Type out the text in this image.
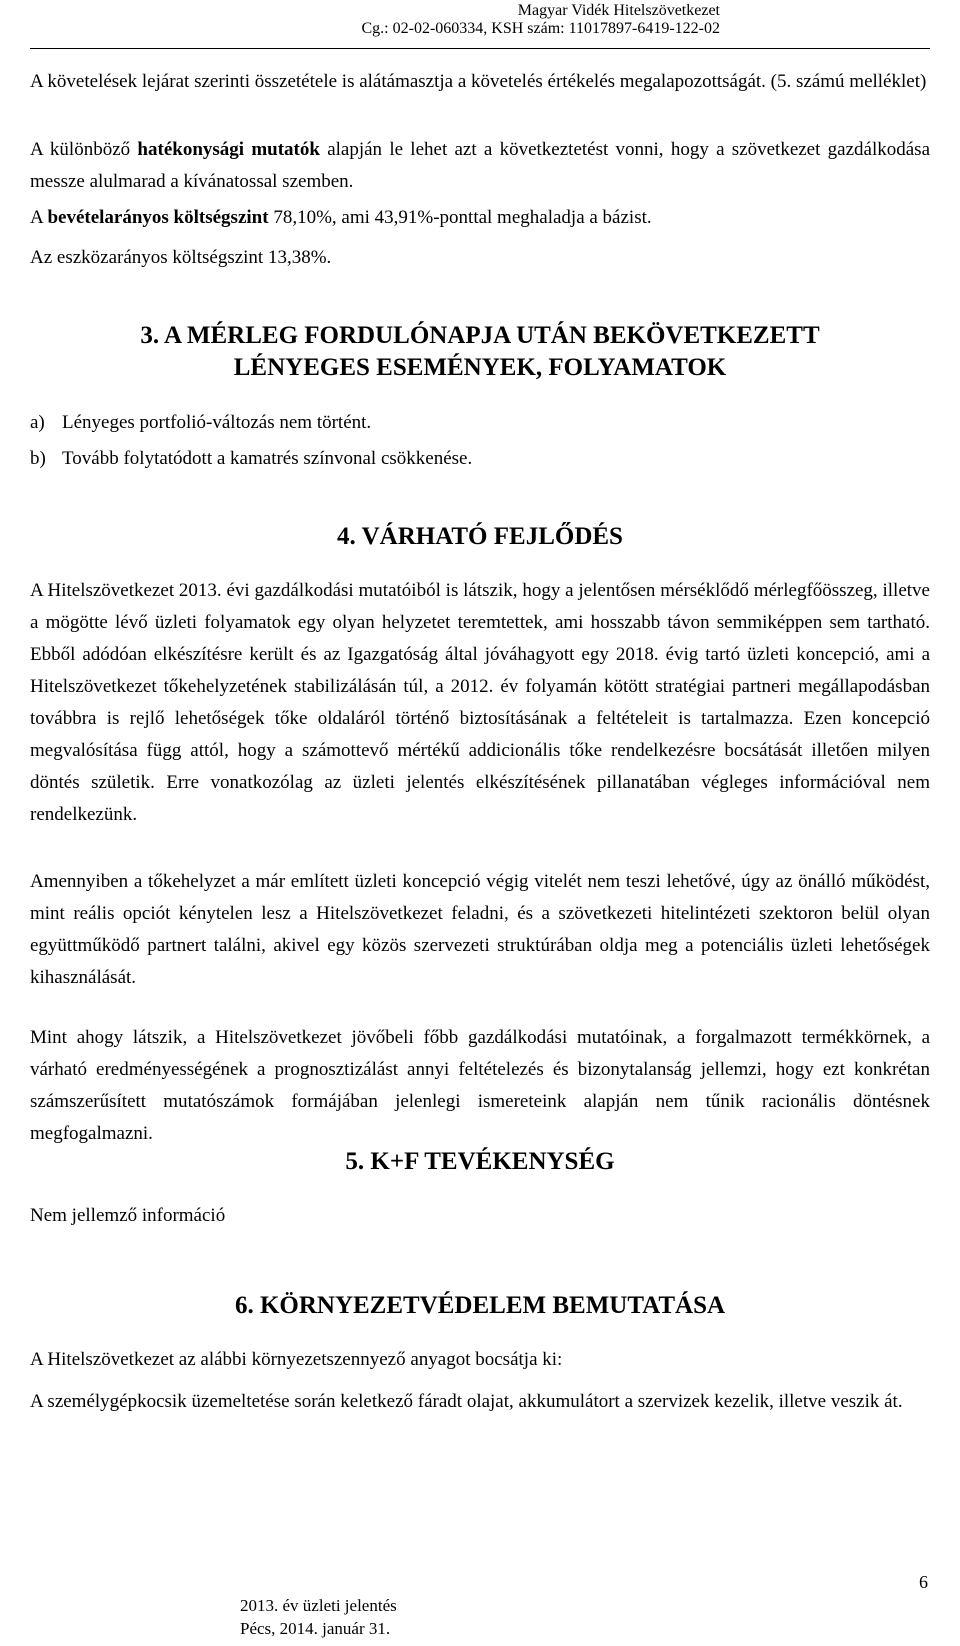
Magyar Vidék Hitelszövetkezet
Cg.: 02-02-060334, KSH szám: 11017897-6419-122-02
A követelések lejárat szerinti összetétele is alátámasztja a követelés értékelés megalapozottságát. (5. számú melléklet)
A különböző hatékonysági mutatók alapján le lehet azt a következtetést vonni, hogy a szövetkezet gazdálkodása messze alulmarad a kívánatossal szemben.
A bevételarányos költségszint 78,10%, ami 43,91%-ponttal meghaladja a bázist.
Az eszközarányos költségszint 13,38%.
3. A MÉRLEG FORDULÓNAPJA UTÁN BEKÖVETKEZETT
LÉNYEGES ESEMÉNYEK, FOLYAMATOK
a) Lényeges portfolió-változás nem történt.
b) Tovább folytatódott a kamatrés színvonal csökkenése.
4. VÁRHATÓ FEJLŐDÉS
A Hitelszövetkezet 2013. évi gazdálkodási mutatóiból is látszik, hogy a jelentősen mérséklődő mérlegfőösszeg, illetve a mögötte lévő üzleti folyamatok egy olyan helyzetet teremtettek, ami hosszabb távon semmiképpen sem tartható. Ebből adódóan elkészítésre került és az Igazgatóság által jóváhagyott egy 2018. évig tartó üzleti koncepció, ami a Hitelszövetkezet tőkehelyzetének stabilizálásán túl, a 2012. év folyamán kötött stratégiai partneri megállapodásban továbbra is rejlő lehetőségek tőke oldaláról történő biztosításának a feltételeit is tartalmazza. Ezen koncepció megvalósítása függ attól, hogy a számottevő mértékű addicionális tőke rendelkezésre bocsátását illetően milyen döntés születik. Erre vonatkozólag az üzleti jelentés elkészítésének pillanatában végleges információval nem rendelkezünk.
Amennyiben a tőkehelyzet a már említett üzleti koncepció végig vitelét nem teszi lehetővé, úgy az önálló működést, mint reális opciót kénytelen lesz a Hitelszövetkezet feladni, és a szövetkezeti hitelintézeti szektoron belül olyan együttműködő partnert találni, akivel egy közös szervezeti struktúrában oldja meg a potenciális üzleti lehetőségek kihasználását.
Mint ahogy látszik, a Hitelszövetkezet jövőbeli főbb gazdálkodási mutatóinak, a forgalmazott termékkörnek, a várható eredményességének a prognosztizálást annyi feltételezés és bizonytalanság jellemzi, hogy ezt konkrétan számszerűsített mutatószámok formájában jelenlegi ismereteink alapján nem tűnik racionális döntésnek megfogalmazni.
5. K+F TEVÉKENYSÉG
Nem jellemző információ
6. KÖRNYEZETVÉDELEM BEMUTATÁSA
A Hitelszövetkezet az alábbi környezetszennyező anyagot bocsátja ki:
A személygépkocsik üzemeltetése során keletkező fáradt olajat, akkumulátort a szervizek kezelik, illetve veszik át.
6
2013. év üzleti jelentés
Pécs, 2014. január 31.
